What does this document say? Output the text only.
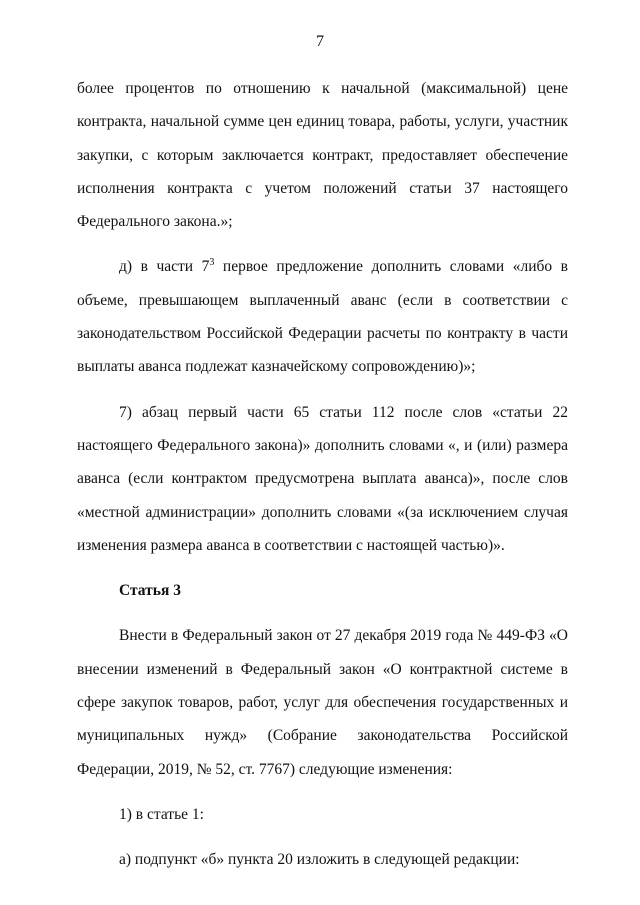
7

более процентов по отношению к начальной (максимальной) цене контракта, начальной сумме цен единиц товара, работы, услуги, участник закупки, с которым заключается контракт, предоставляет обеспечение исполнения контракта с учетом положений статьи 37 настоящего Федерального закона.»;

д) в части $7^3$ первое предложение дополнить словами «либо в объеме, превышающем выплаченный аванс (если в соответствии с законодательством Российской Федерации расчеты по контракту в части выплаты аванса подлежат казначейскому сопровождению)»;

7) абзац первый части 65 статьи 112 после слов «статьи 22 настоящего Федерального закона)» дополнить словами «, и (или) размера аванса (если контрактом предусмотрена выплата аванса)», после слов «местной администрации» дополнить словами «(за исключением случая изменения размера аванса в соответствии с настоящей частью)».

Статья 3

Внести в Федеральный закон от 27 декабря 2019 года № 449-ФЗ «О внесении изменений в Федеральный закон «О контрактной системе в сфере закупок товаров, работ, услуг для обеспечения государственных и муниципальных нужд» (Собрание законодательства Российской Федерации, 2019, № 52, ст. 7767) следующие изменения:

1) в статье 1:

а) подпункт «б» пункта 20 изложить в следующей редакции:
